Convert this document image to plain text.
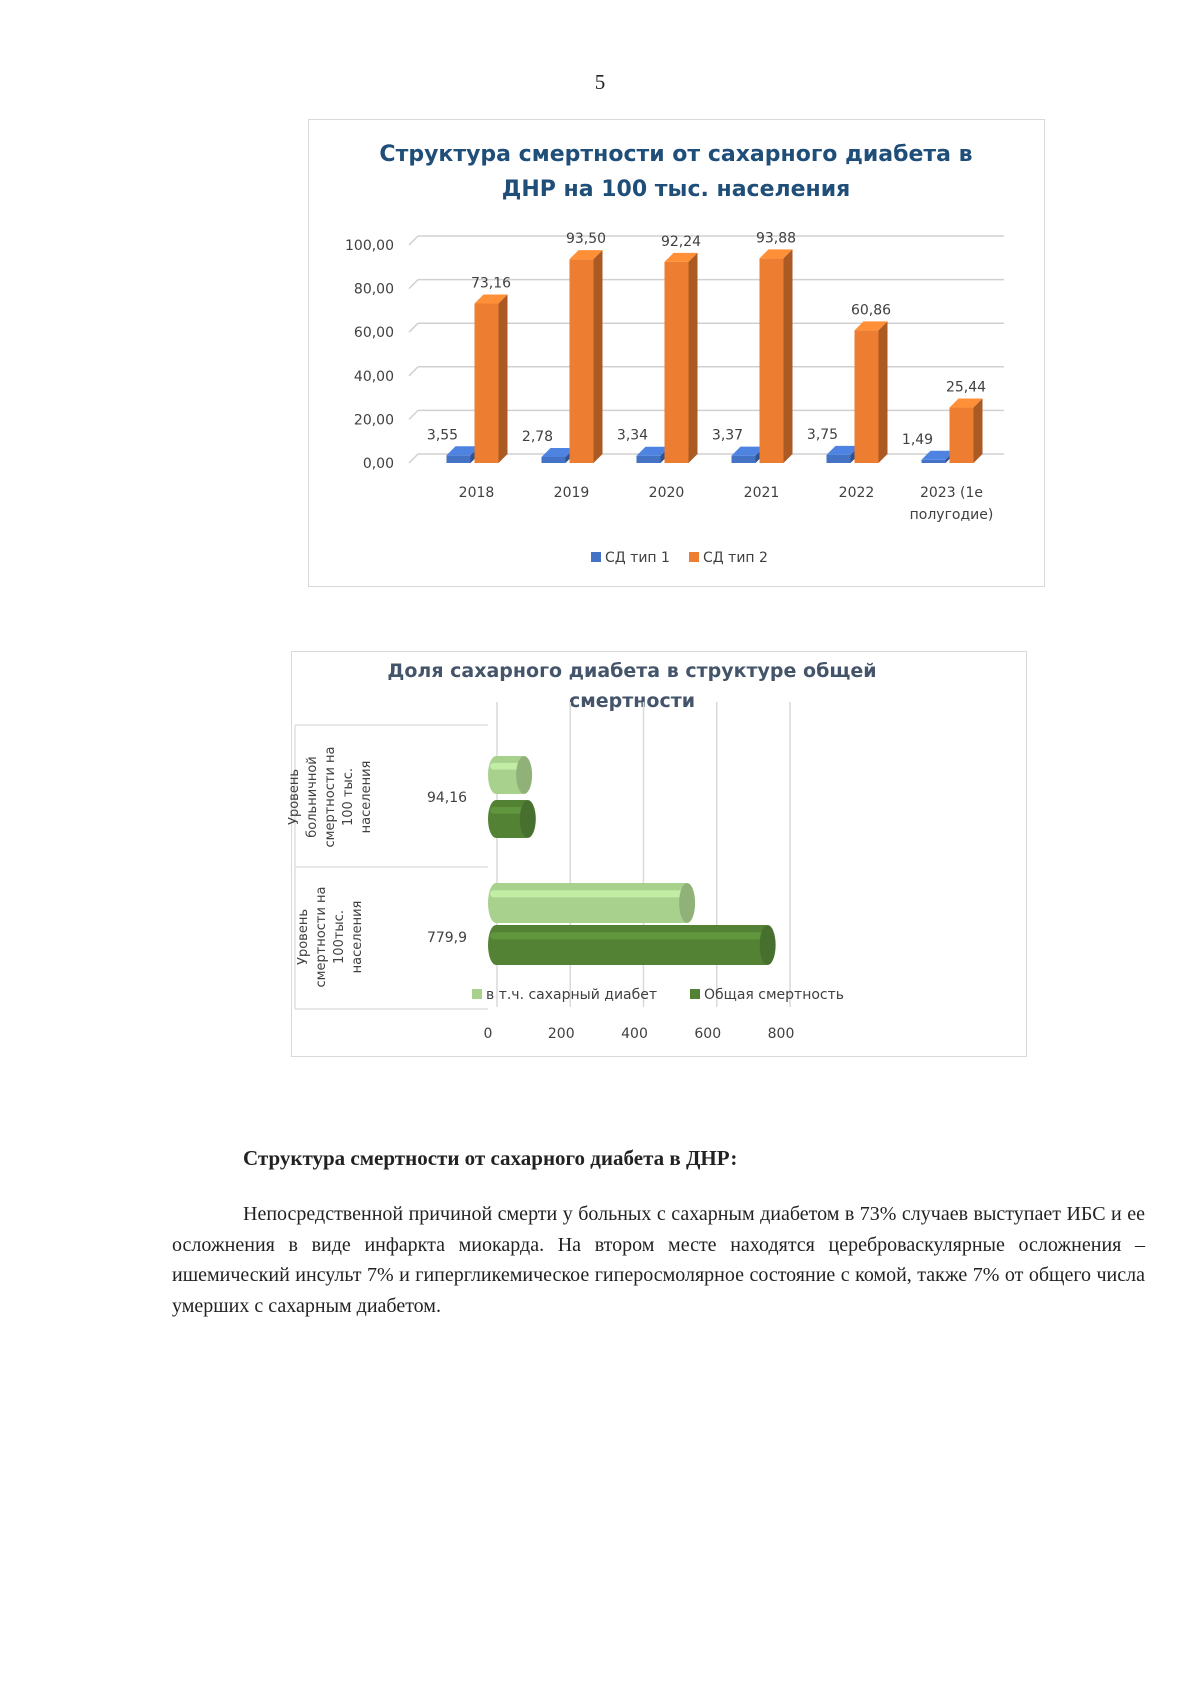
5
Структура смертности от сахарного диабета в
ДНР на 100 тыс. населения
0,00
20,00
40,00
60,00
80,00
100,00
3,55
73,16
2018
2,78
93,50
2019
3,34
92,24
2020
3,37
93,88
2021
3,75
60,86
2022
1,49
25,44
2023 (1е
полугодие)
СД тип 1 СД тип 2
Доля сахарного диабета в структуре общей
смертности
0	200	400	600	800
Уровень смертности на 100тыс. населения	779,9
Уровень больничной смертности на 100 тыс. населения	94,16
в т.ч. сахарный диабет	Общая смертность
Структура смертности от сахарного диабета в ДНР:

Непосредственной причиной смерти у больных с сахарным диабетом в 73% случаев выступает ИБС и ее осложнения в виде инфаркта миокарда. На втором месте находятся цереброваскулярные осложнения – ишемический инсульт 7% и гипергликемическое гиперосмолярное состояние с комой, также 7% от общего числа умерших с сахарным диабетом.
